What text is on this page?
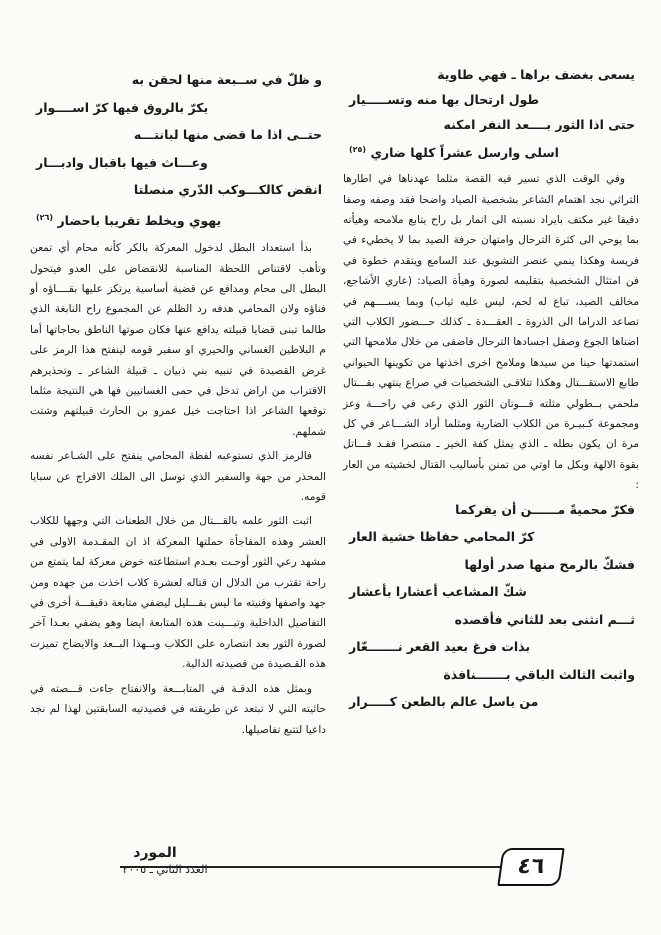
يسعى بغضف براها ـ فهي طاوية
طول ارتحال بها منه وتســـــيار
حتى اذا الثور بــــعد النفر امكنه
اسلى وارسل عشراً كلها ضاري $^{(٢٥)}$

وفي الوقت الذي تسير فيه القصة مثلما عهدناها في اطارها التراثي نجد اهتمام الشاعر بشخصية الصياد واضحا فقد وصفه وصفا دقيقا غير مكتف بايراد نسبته الى انمار بل راح يتابع ملامحه وهيأته بما يوحي الى كثرة الترحال وامتهان حرفة الصيد بما لا يخطيء في فريسة وهكذا ينمي عنصر التشويق عند السامع ويتقدم خطوة في فن امتثال الشخصية بتقليمه لصورة وهيأة الصياد: (عاري الأشاجع، مخالف الصيد، تباع له لحم، ليس عليه ثياب) وبما يســــهم في تصاعد الدراما الى الذروة ـ العقـــدة ـ كذلك حـــضور الكلاب التي اضناها الجوع وصقل اجسادها الترحال فاضفى من خلال ملامحها التي استمدتها حينا من سيدها وملامح اخرى اخذتها من تكوينها الحيواني طابع الاستقـــتال وهكذا تتلاقـى الشخصيات في صراع ينتهي بقـــتال ملحمي بــطولي مثلته قـــوتان الثور الذي رعى في راحـــة وعز ومجموعة كـبيـرة من الكلاب الضارية ومثلما أراد الشـــاعر في كل مرة ان يكون بطله ـ الذي يمثل كفة الخير ـ منتصرا فقـد قـــاتل بقوة الالهة وبكل ما اوتي من تمنن بأساليب القتال لخشيته من العار :

فكرّ محميةً مــــــن أن يفركما
كرّ المحامي حفاظا خشية العار
فشكّ بالرمح منها صدر أولها
شكّ المشاعب أعشارا بأعشار
ثـــم انثنى بعد للثاني فأقصده
بذات فرغ بعيد القعر نـــــــعّار
واثبت الثالث الباقي بـــــــنافذة
من باسل عالم بالطعن كـــــرار
و ظلّ في ســبعة منها لحقن به
يكرّ بالروق فيها كرّ اســــوار
حتــى اذا ما قضى منها لبانتـــه
وعـــاث فيها باقبال وادبـــار
انقض كالكـــوكب الدّري منصلتا
يهوي ويخلط تقريبا باحضار $^{(٢٦)}$

بدأ استعداد البطل لدخول المعركة بالكر كأنه محام أي تمعن وتأهب لاقتناص اللحظة المناسبة للانقضاض على العدو فيتحول البطل الى محام ومدافع عن قضية أساسية يرتكز عليها بقــــاؤه أو فناؤه ولان المحامي هدفه رد الظلم عن المجموع راح النابغة الذي طالما تبنى قضايا قبيلته يدافع عنها فكان صوتها الناطق بحاجاتها أما م البلاطين الغساني والحيري او سفير قومه لينفتح هذا الرمز على غرض القصيدة في تنبيه بني ذبيان ـ قبيلة الشاعر ـ وتحذيرهم الاقتراب من اراض تدخل في حمى الغسانيين فها هي النتيجة مثلما توقعها الشاعر اذا احتاجت خيل عمرو بن الحارث قبيلتهم وشتت شملهم.

فالرمز الذي تستوعبه لفظة المحامي ينفتح على الشـاعر نفسه المحذر من جهة والسفير الذي توسل الى الملك الافراج عن سبايا قومه.

اثبت الثور علمه بالقـــتال من خلال الطعنات التي وجهها للكلاب العشر وهذه المفاجأة حملتها المعركة اذ ان المقـدمة الاولى في مشهد رعي الثور أوحـت بعـدم استطاعته خوض معركة لما يتمتع من راحة تقترب من الدلال ان قتاله لعشرة كلاب اخذت من جهده ومن جهد واصفها وفنيته ما ليس بقـــليل ليضفي متابعة دقيقـــة أخرى في التفاصيل الداخلية وتبـــينت هذه المتابعة ايضا وهو يضفي بعـدا آخر لصورة الثور بعد انتصاره على الكلاب وبــهذا البــعد والايضاح تميزت هذه القـصيدة من قصيدته الدالية.

وبمثل هذه الدقـة في المتابـــعة والانفتاح جاءت قـــصته في حائيته التي لا تبتعد عن طريقته في قصيدتيه السابقتين لهذا لم نجد داعيا لتتبع تفاصيلها.

٤٦
المورد
العدد الثاني ـ ٢٠٠٥
